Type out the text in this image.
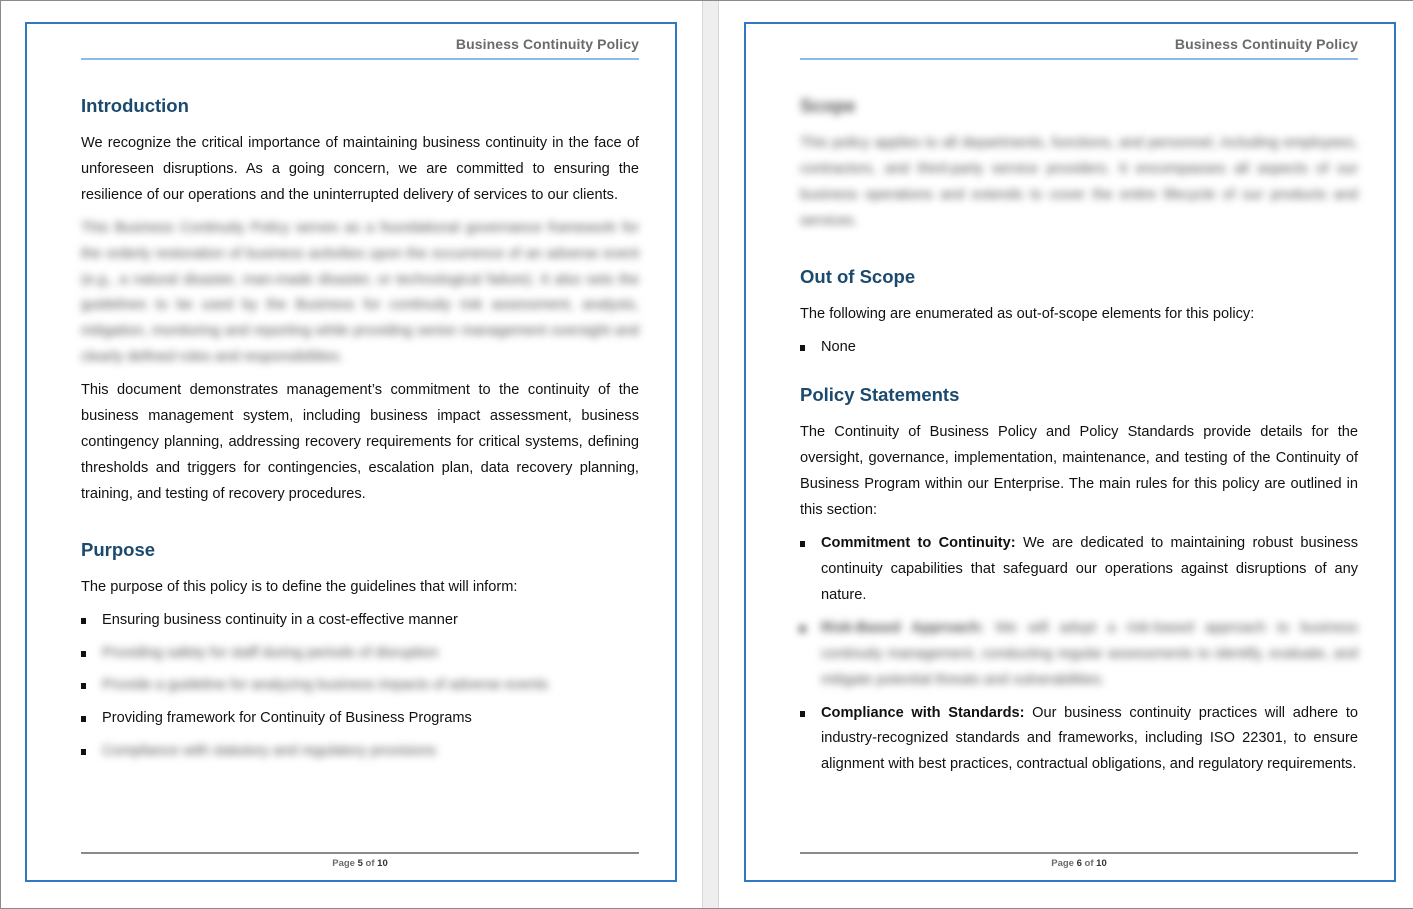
Business Continuity Policy
Introduction

We recognize the critical importance of maintaining business continuity in the face of unforeseen disruptions. As a going concern, we are committed to ensuring the resilience of our operations and the uninterrupted delivery of services to our clients.

This Business Continuity Policy serves as a foundational governance framework for the orderly restoration of business activities upon the occurrence of an adverse event (e.g., a natural disaster, man-made disaster, or technological failure). It also sets the guidelines to be used by the Business for continuity risk assessment, analysis, mitigation, monitoring and reporting while providing senior management oversight and clearly defined roles and responsibilities.

This document demonstrates management’s commitment to the continuity of the business management system, including business impact assessment, business contingency planning, addressing recovery requirements for critical systems, defining thresholds and triggers for contingencies, escalation plan, data recovery planning, training, and testing of recovery procedures.

Purpose

The purpose of this policy is to define the guidelines that will inform:

Ensuring business continuity in a cost-effective manner
Providing safety for staff during periods of disruption
Provide a guideline for analyzing business impacts of adverse events
Providing framework for Continuity of Business Programs
Compliance with statutory and regulatory provisions
Page 5 of 10
Business Continuity Policy
Scope

This policy applies to all departments, functions, and personnel, including employees, contractors, and third-party service providers. It encompasses all aspects of our business operations and extends to cover the entire lifecycle of our products and services.

Out of Scope

The following are enumerated as out-of-scope elements for this policy:

None
Policy Statements

The Continuity of Business Policy and Policy Standards provide details for the oversight, governance, implementation, maintenance, and testing of the Continuity of Business Program within our Enterprise. The main rules for this policy are outlined in this section:

Commitment to Continuity: We are dedicated to maintaining robust business continuity capabilities that safeguard our operations against disruptions of any nature.
Risk-Based Approach: We will adopt a risk-based approach to business continuity management, conducting regular assessments to identify, evaluate, and mitigate potential threats and vulnerabilities.
Compliance with Standards: Our business continuity practices will adhere to industry-recognized standards and frameworks, including ISO 22301, to ensure alignment with best practices, contractual obligations, and regulatory requirements.
Page 6 of 10
